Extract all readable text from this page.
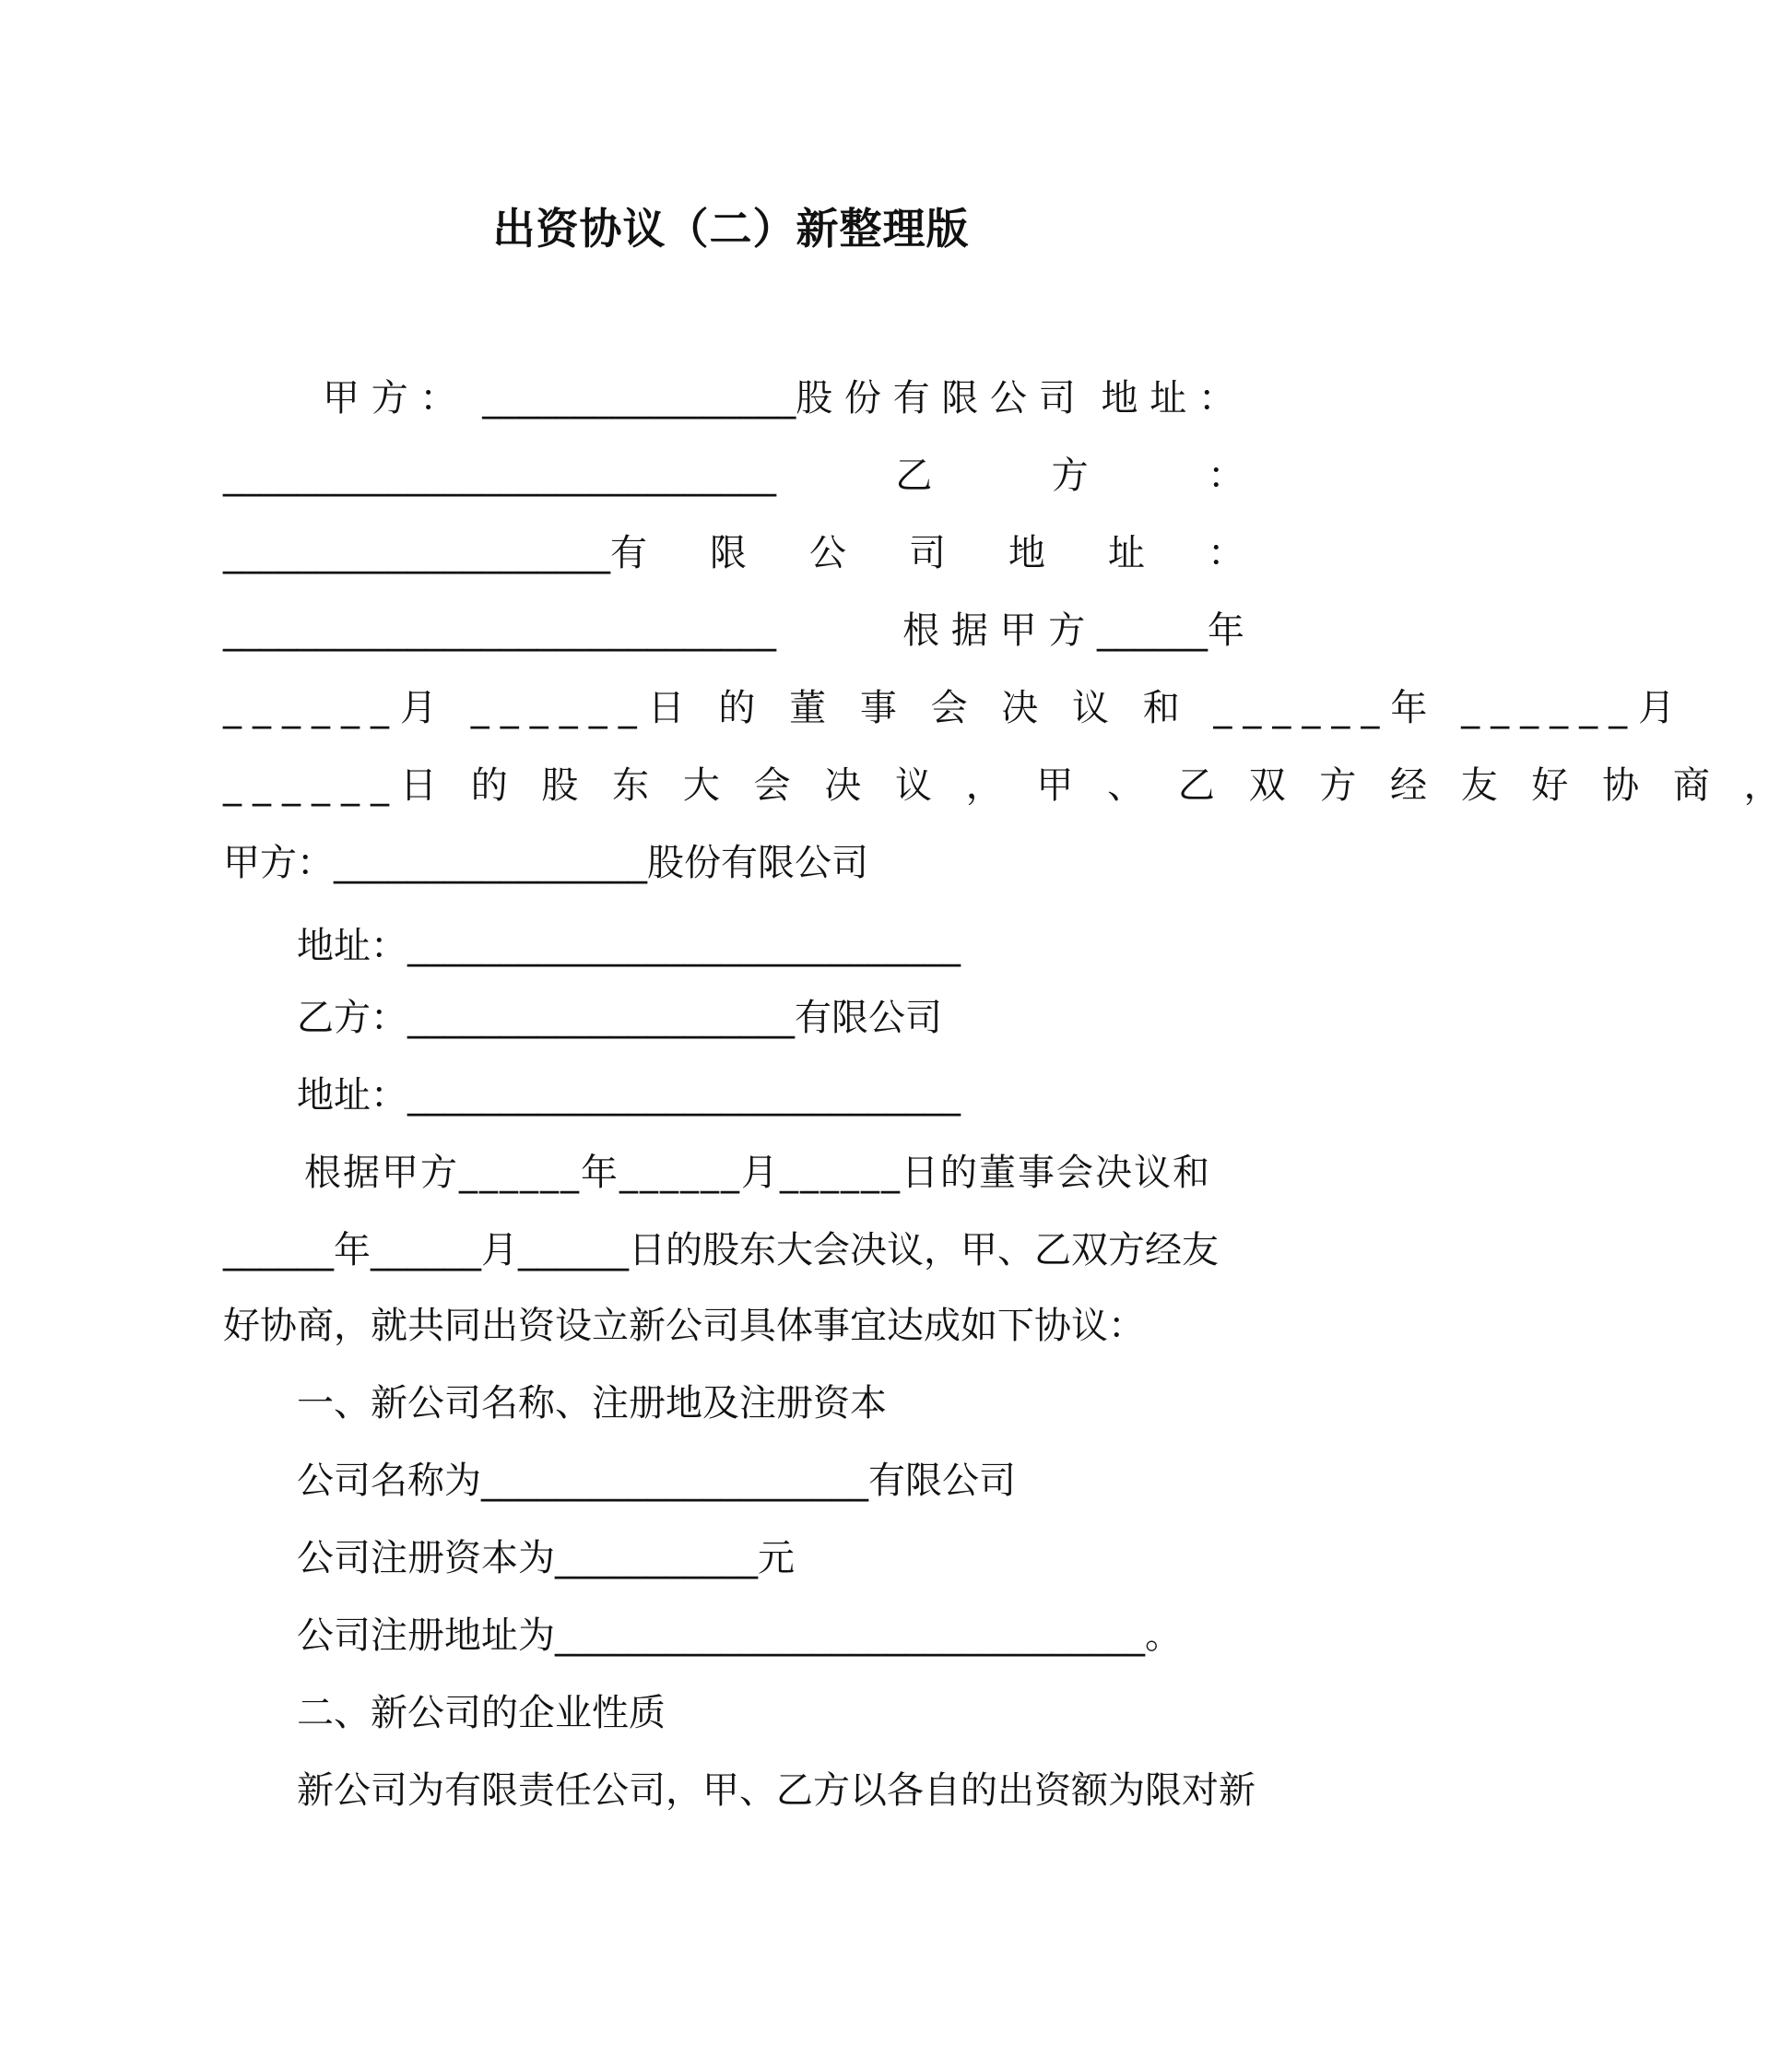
出资协议（二）新整理版
甲 方 ： _________________股 份 有 限 公 司 地 址 ：
______________________________	乙	方	：
_____________________有 限 公 司 地 址 ：
______________________________	根 据 甲 方 ______年
______月 ______日 的 董 事 会 决 议 和 ______年 ______月
______日 的 股 东 大 会 决 议 ， 甲 、 乙 双 方 经 友 好 协 商 ，
甲方：_________________股份有限公司
地址：______________________________
乙方：_____________________有限公司
地址：______________________________
根据甲方______年______月______日的董事会决议和
______年______月______日的股东大会决议，甲、乙双方经友
好协商，就共同出资设立新公司具体事宜达成如下协议：
一、新公司名称、注册地及注册资本
公司名称为_____________________有限公司
公司注册资本为___________元
公司注册地址为________________________________。
二、新公司的企业性质
新公司为有限责任公司，甲、乙方以各自的出资额为限对新
